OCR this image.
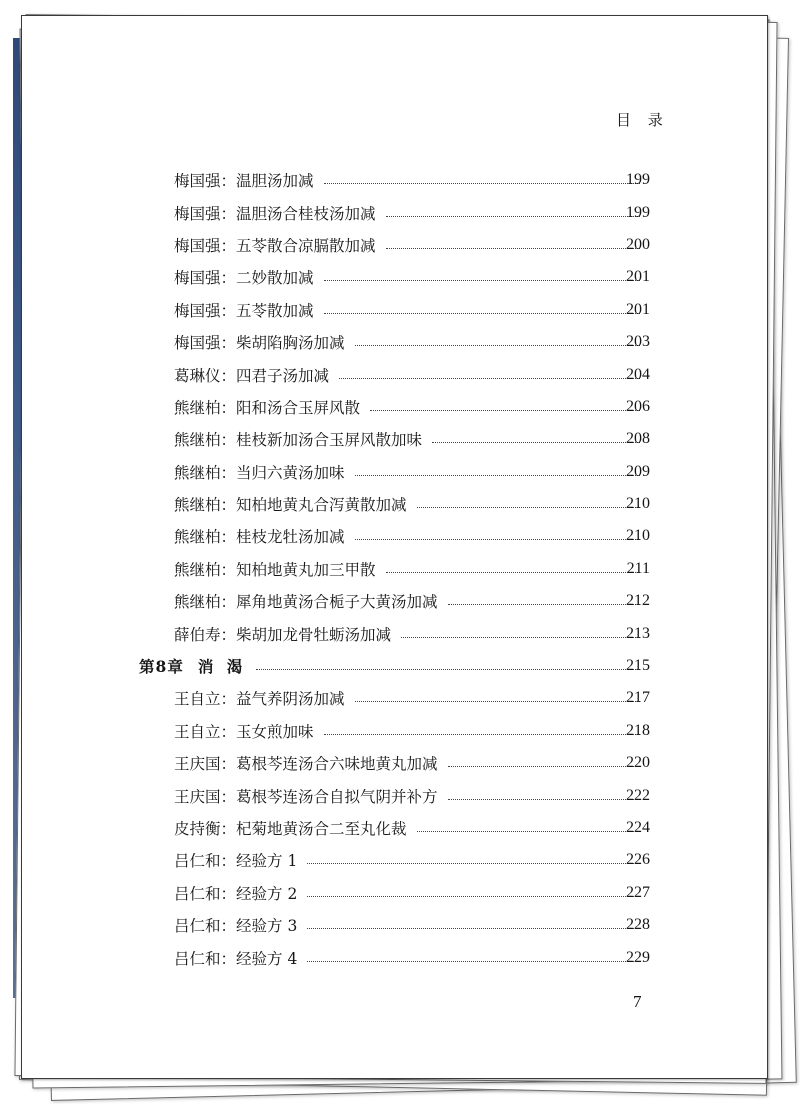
目 录
梅国强 ： 温胆汤加减	199
梅国强 ： 温胆汤合桂枝汤加减	199
梅国强 ： 五苓散合凉膈散加减	200
梅国强 ： 二妙散加减	201
梅国强 ： 五苓散加减	201
梅国强 ： 柴胡陷胸汤加减	203
葛琳仪 ： 四君子汤加减	204
熊继柏 ： 阳和汤合玉屏风散	206
熊继柏 ： 桂枝新加汤合玉屏风散加味	208
熊继柏 ： 当归六黄汤加味	209
熊继柏 ： 知柏地黄丸合泻黄散加减	210
熊继柏 ： 桂枝龙牡汤加减	210
熊继柏 ： 知柏地黄丸加三甲散	211
熊继柏 ： 犀角地黄汤合栀子大黄汤加减	212
薛伯寿 ： 柴胡加龙骨牡蛎汤加减	213
第8章 消 渴	215
王自立 ： 益气养阴汤加减	217
王自立 ： 玉女煎加味	218
王庆国 ： 葛根芩连汤合六味地黄丸加减	220
王庆国 ： 葛根芩连汤合自拟气阴并补方	222
皮持衡 ： 杞菊地黄汤合二至丸化裁	224
吕仁和 ： 经验方 1	226
吕仁和 ： 经验方 2	227
吕仁和 ： 经验方 3	228
吕仁和 ： 经验方 4	229
7
